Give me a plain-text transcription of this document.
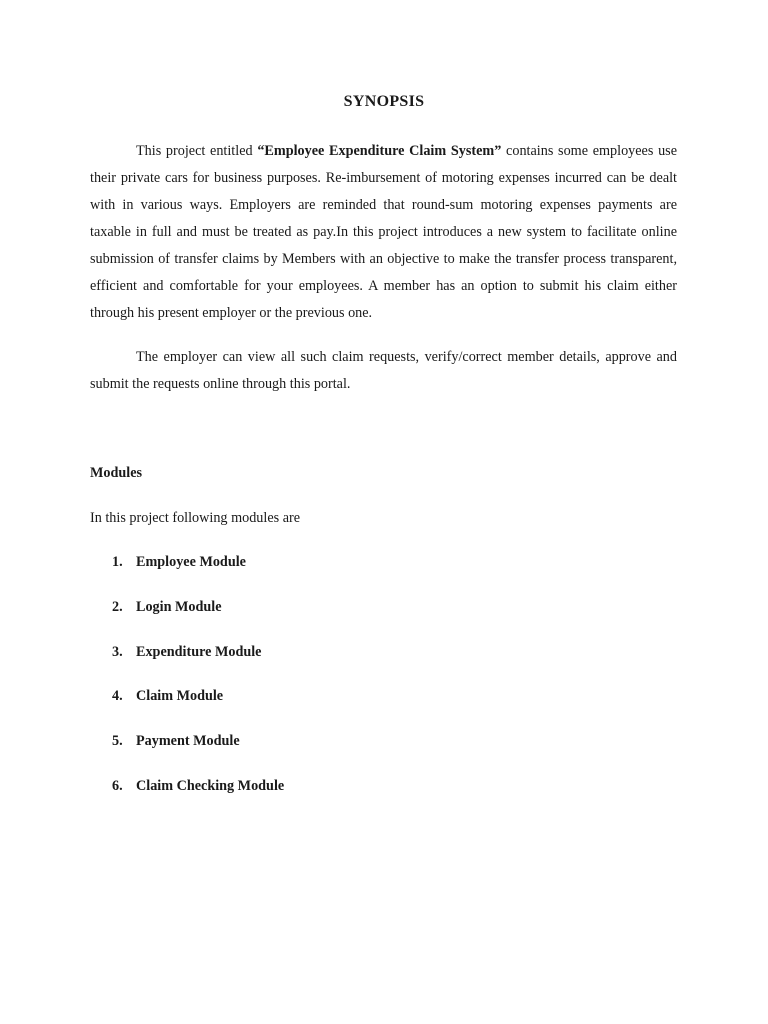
SYNOPSIS
This project entitled “Employee Expenditure Claim System” contains some employees use their private cars for business purposes. Re-imbursement of motoring expenses incurred can be dealt with in various ways. Employers are reminded that round-sum motoring expenses payments are taxable in full and must be treated as pay.In this project introduces a new system to facilitate online submission of transfer claims by Members with an objective to make the transfer process transparent, efficient and comfortable for your employees. A member has an option to submit his claim either through his present employer or the previous one.
The employer can view all such claim requests, verify/correct member details, approve and submit the requests online through this portal.
Modules
In this project following modules are
1. Employee Module
2. Login Module
3. Expenditure Module
4. Claim Module
5. Payment Module
6. Claim Checking Module
